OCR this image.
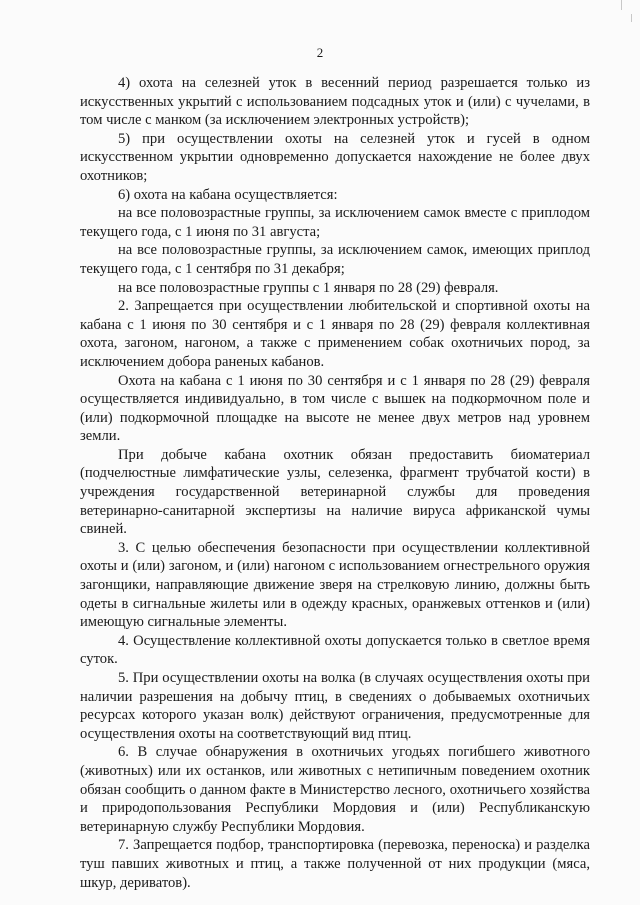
2

4) охота на селезней уток в весенний период разрешается только из искусственных укрытий с использованием подсадных уток и (или) с чучелами, в том числе с манком (за исключением электронных устройств);

5) при осуществлении охоты на селезней уток и гусей в одном искусственном укрытии одновременно допускается нахождение не более двух охотников;

6) охота на кабана осуществляется:

на все половозрастные группы, за исключением самок вместе с приплодом текущего года, с 1 июня по 31 августа;

на все половозрастные группы, за исключением самок, имеющих приплод текущего года, с 1 сентября по 31 декабря;

на все половозрастные группы с 1 января по 28 (29) февраля.

2. Запрещается при осуществлении любительской и спортивной охоты на кабана с 1 июня по 30 сентября и с 1 января по 28 (29) февраля коллективная охота, загоном, нагоном, а также с применением собак охотничьих пород, за исключением добора раненых кабанов.

Охота на кабана с 1 июня по 30 сентября и с 1 января по 28 (29) февраля осуществляется индивидуально, в том числе с вышек на подкормочном поле и (или) подкормочной площадке на высоте не менее двух метров над уровнем земли.

При добыче кабана охотник обязан предоставить биоматериал (подчелюстные лимфатические узлы, селезенка, фрагмент трубчатой кости) в учреждения государственной ветеринарной службы для проведения ветеринарно-санитарной экспертизы на наличие вируса африканской чумы свиней.

3. С целью обеспечения безопасности при осуществлении коллективной охоты и (или) загоном, и (или) нагоном с использованием огнестрельного оружия загонщики, направляющие движение зверя на стрелковую линию, должны быть одеты в сигнальные жилеты или в одежду красных, оранжевых оттенков и (или) имеющую сигнальные элементы.

4. Осуществление коллективной охоты допускается только в светлое время суток.

5. При осуществлении охоты на волка (в случаях осуществления охоты при наличии разрешения на добычу птиц, в сведениях о добываемых охотничьих ресурсах которого указан волк) действуют ограничения, предусмотренные для осуществления охоты на соответствующий вид птиц.

6. В случае обнаружения в охотничьих угодьях погибшего животного (животных) или их останков, или животных с нетипичным поведением охотник обязан сообщить о данном факте в Министерство лесного, охотничьего хозяйства и природопользования Республики Мордовия и (или) Республиканскую ветеринарную службу Республики Мордовия.

7. Запрещается подбор, транспортировка (перевозка, переноска) и разделка туш павших животных и птиц, а также полученной от них продукции (мяса, шкур, дериватов).
